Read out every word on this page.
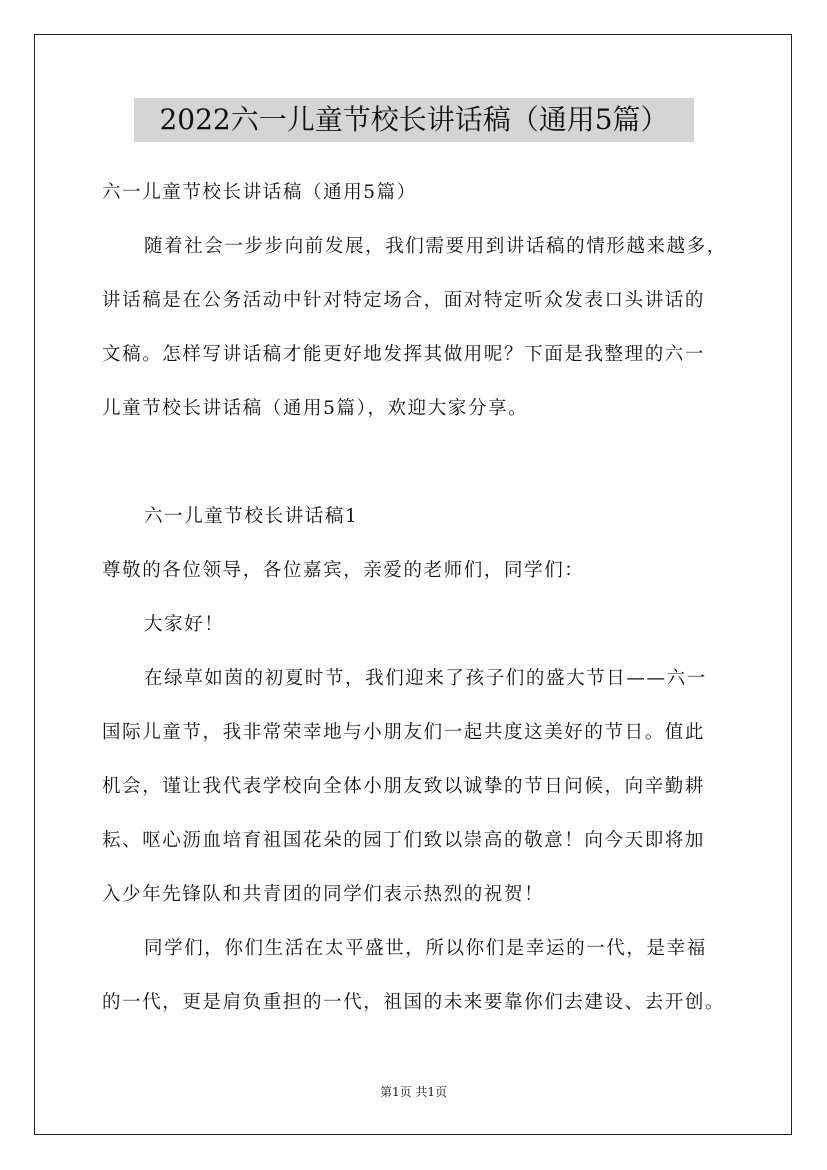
2022六一儿童节校长讲话稿（通用5篇）
六一儿童节校长讲话稿（通用5篇）
随着社会一步步向前发展，我们需要用到讲话稿的情形越来越多，
讲话稿是在公务活动中针对特定场合，面对特定听众发表口头讲话的
文稿。怎样写讲话稿才能更好地发挥其做用呢？下面是我整理的六一
儿童节校长讲话稿（通用5篇），欢迎大家分享。
六一儿童节校长讲话稿1
尊敬的各位领导，各位嘉宾，亲爱的老师们，同学们：
大家好！
在绿草如茵的初夏时节，我们迎来了孩子们的盛大节日——六一
国际儿童节，我非常荣幸地与小朋友们一起共度这美好的节日。值此
机会，谨让我代表学校向全体小朋友致以诚挚的节日问候，向辛勤耕
耘、呕心沥血培育祖国花朵的园丁们致以崇高的敬意！向今天即将加
入少年先锋队和共青团的同学们表示热烈的祝贺！
同学们，你们生活在太平盛世，所以你们是幸运的一代，是幸福
的一代，更是肩负重担的一代，祖国的未来要靠你们去建设、去开创。
第1页 共1页
